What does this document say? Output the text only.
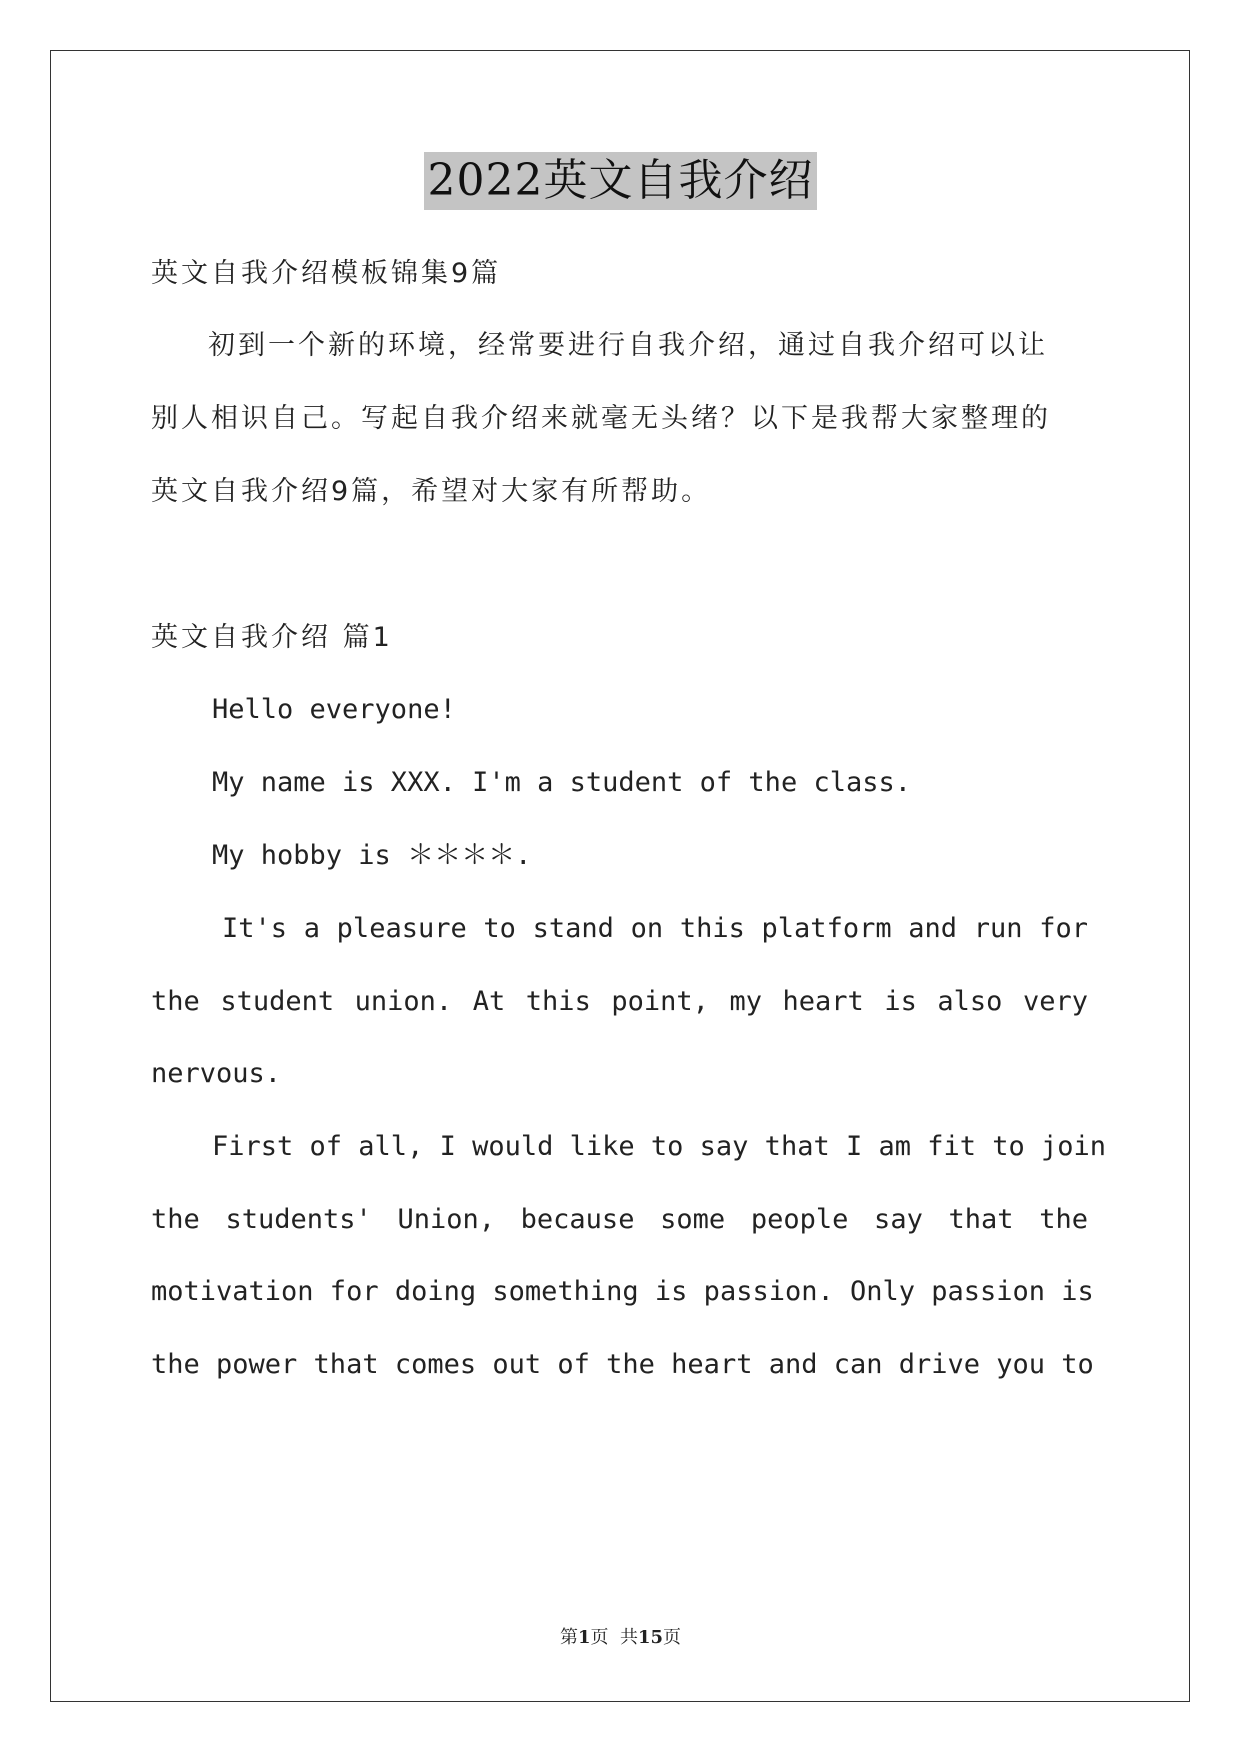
2022英文自我介绍
英文自我介绍模板锦集9篇
初到一个新的环境，经常要进行自我介绍，通过自我介绍可以让
别人相识自己。写起自我介绍来就毫无头绪？以下是我帮大家整理的
英文自我介绍9篇，希望对大家有所帮助。
英文自我介绍 篇1
Hello everyone!
My name is XXX. I'm a student of the class.
My hobby is ＊＊＊＊.
It's a pleasure to stand on this platform and run for
the student union. At this point, my heart is also very
nervous.
First of all, I would like to say that I am fit to join
the students' Union, because some people say that the
motivation for doing something is passion. Only passion is
the power that comes out of the heart and can drive you to
第1页  共15页
